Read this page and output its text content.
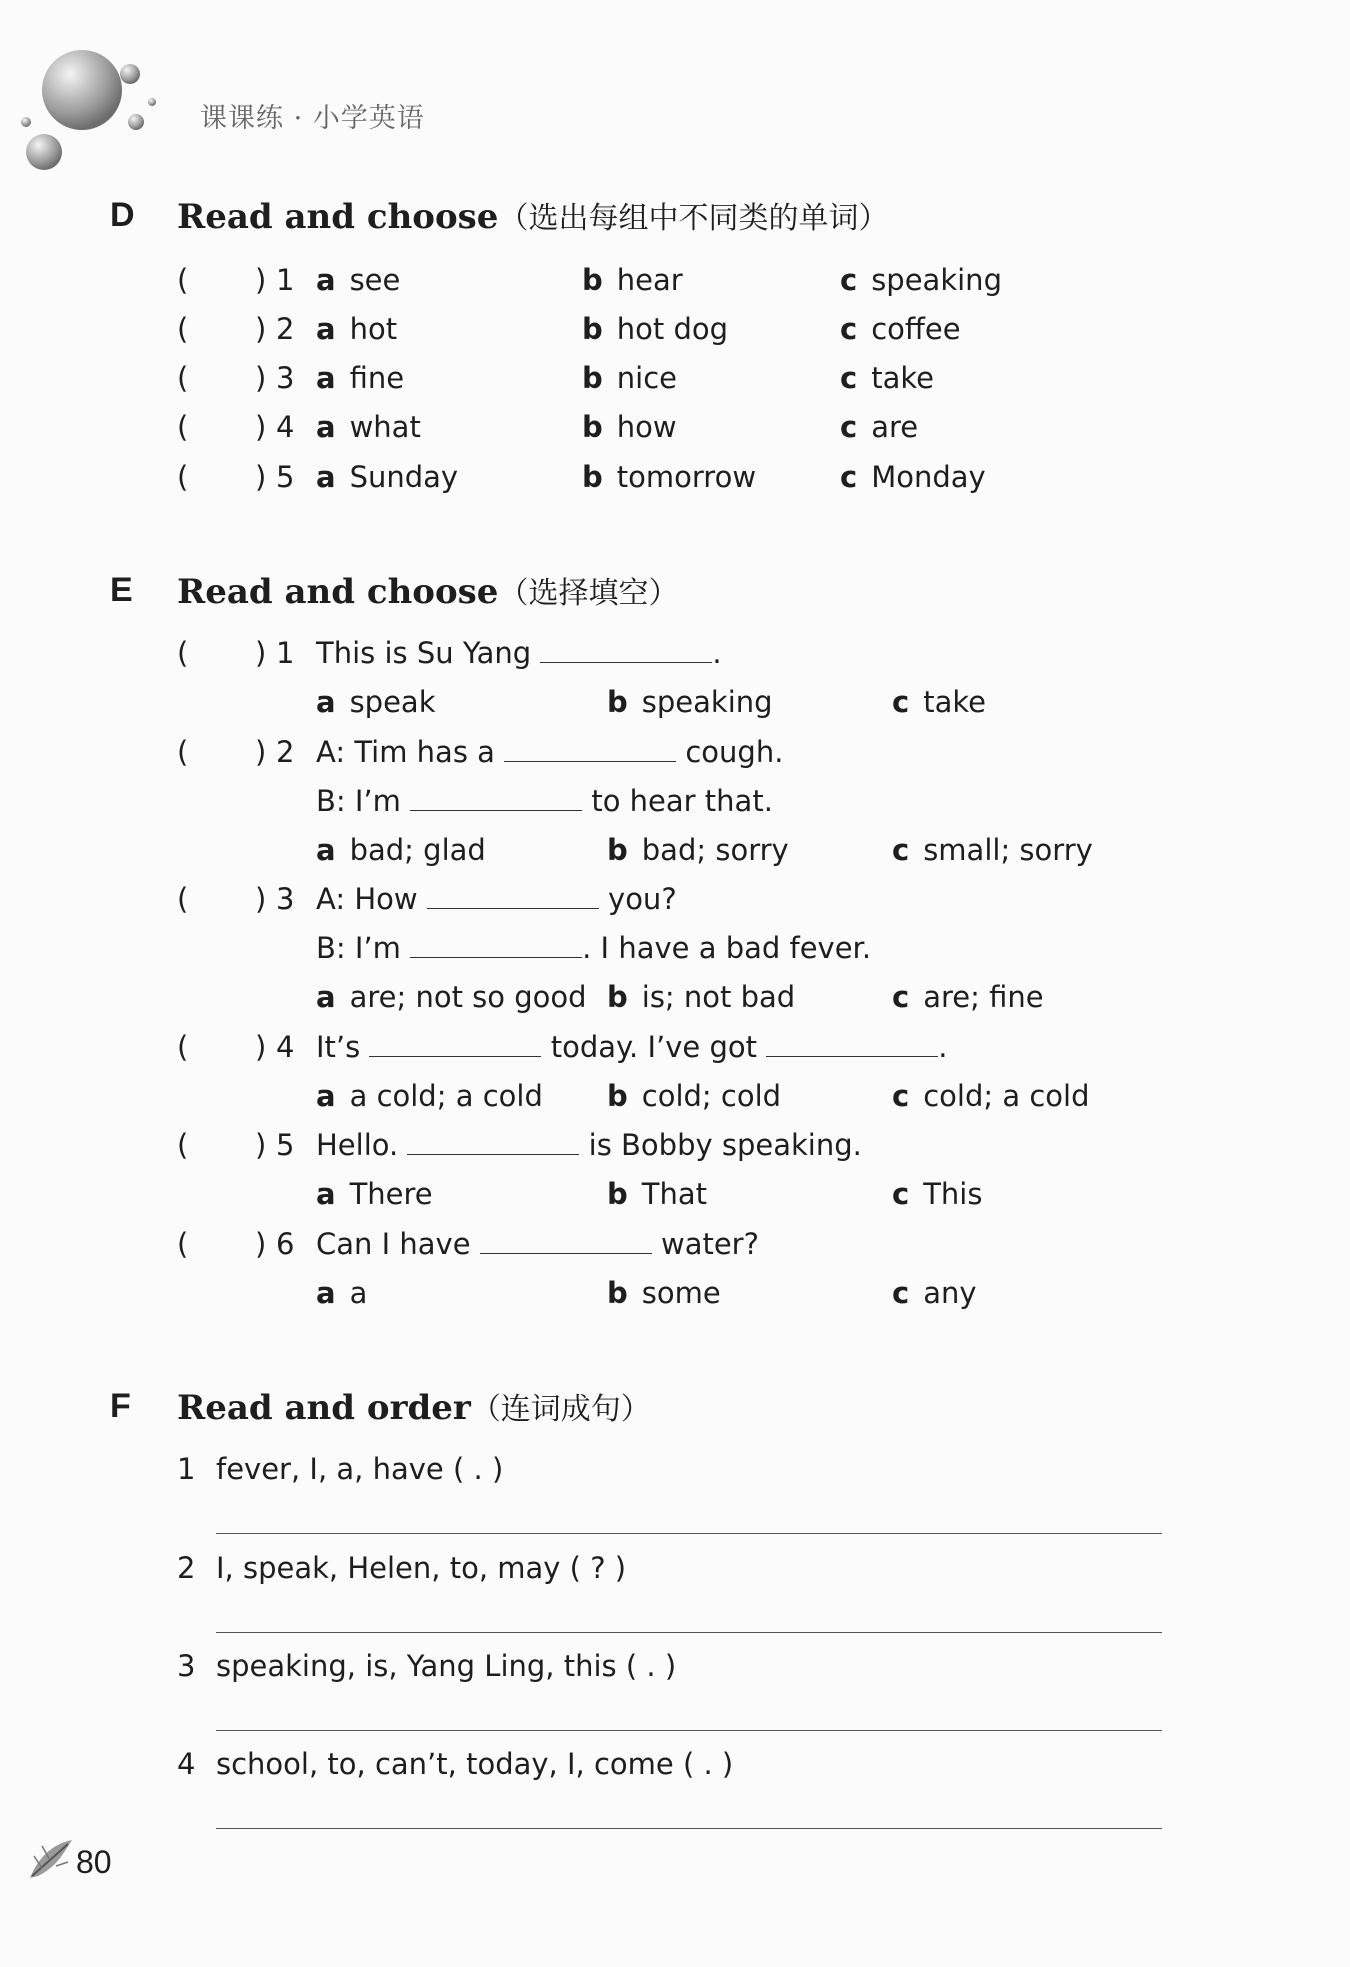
课课练 · 小学英语
D Read and choose（选出每组中不同类的单词）
( ) 1 a see	b hear	c speaking
( ) 2 a hot	b hot dog	c coffee
( ) 3 a fine	b nice	c take
( ) 4 a what	b how	c are
( ) 5 a Sunday	b tomorrow	c Monday
E Read and choose（选择填空）
( ) 1 This is Su Yang	.
a speak	b speaking	c take
( ) 2 A: Tim has a	cough.
B: I’m	to hear that.
a bad; glad	b bad; sorry	c small; sorry
( ) 3 A: How	you?
B: I’m	. I have a bad fever.
a are; not so good b is; not bad	c are; fine
( ) 4 It’s	today. I’ve got	.
a a cold; a cold b cold; cold	c cold; a cold
( ) 5 Hello.	is Bobby speaking.
a There	b That	c This
( ) 6 Can I have	water?
a a	b some	c any
F Read and order（连词成句）
1 fever, I, a, have ( . )
2 I, speak, Helen, to, may ( ? )
3 speaking, is, Yang Ling, this ( . )
4 school, to, can’t, today, I, come ( . )
80
